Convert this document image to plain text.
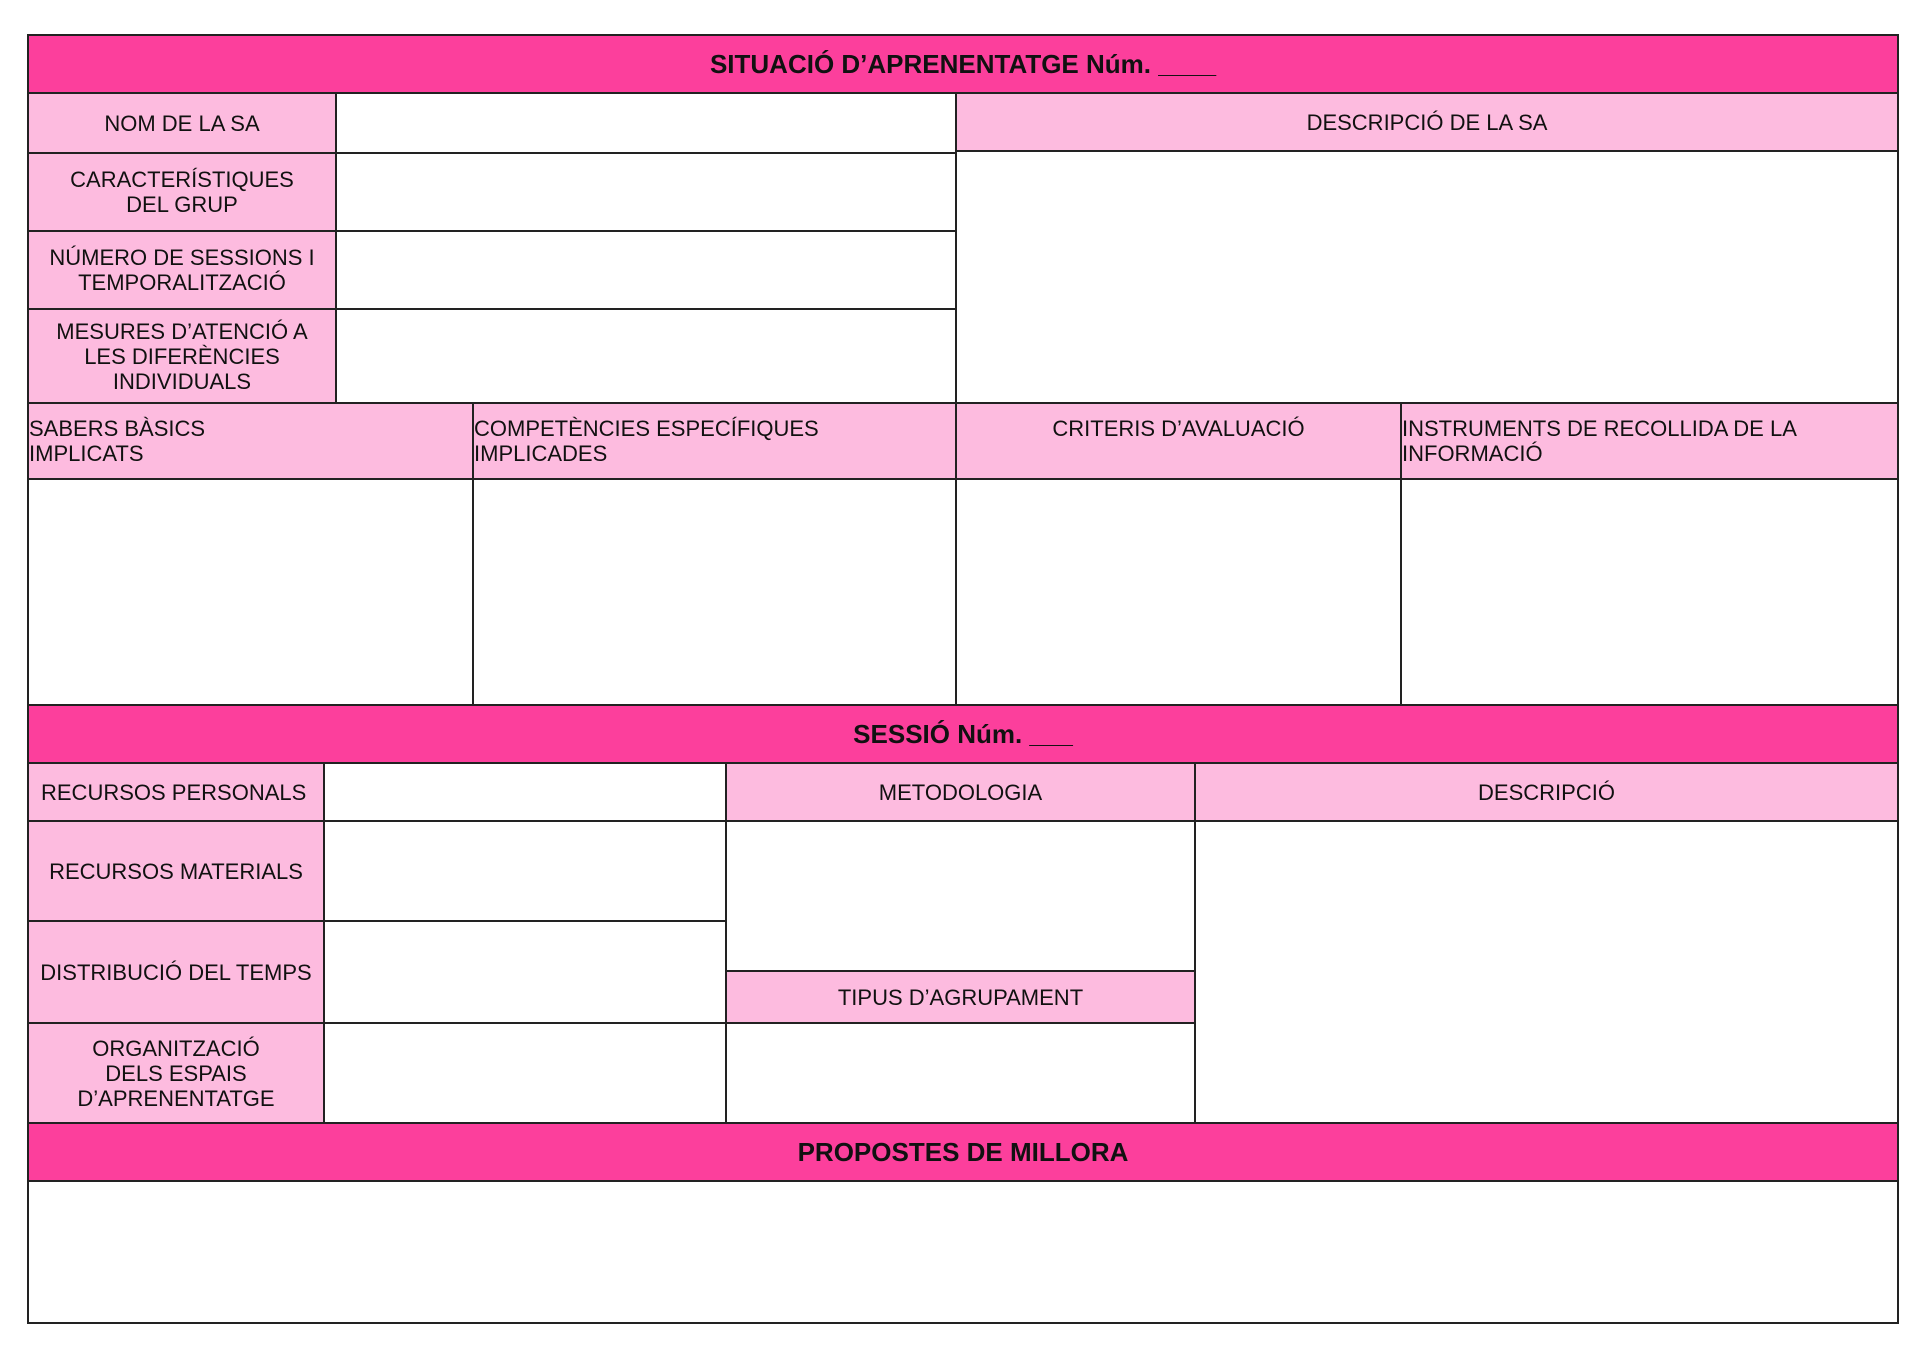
SITUACIÓ D’APRENENTATGE Núm. ____
NOM DE LA SA
CARACTERÍSTIQUES
DEL GRUP
NÚMERO DE SESSIONS I
TEMPORALITZACIÓ
MESURES D’ATENCIÓ A
LES DIFERÈNCIES
INDIVIDUALS
DESCRIPCIÓ DE LA SA
SABERS BÀSICS
IMPLICATS
COMPETÈNCIES ESPECÍFIQUES
IMPLICADES
CRITERIS D’AVALUACIÓ	INSTRUMENTS DE RECOLLIDA DE LA
INFORMACIÓ
SESSIÓ Núm. ___
RECURSOS PERSONALS
RECURSOS MATERIALS
DISTRIBUCIÓ DEL TEMPS
ORGANITZACIÓ
DELS ESPAIS
D’APRENENTATGE
METODOLOGIA
TIPUS D’AGRUPAMENT
DESCRIPCIÓ
PROPOSTES DE MILLORA
